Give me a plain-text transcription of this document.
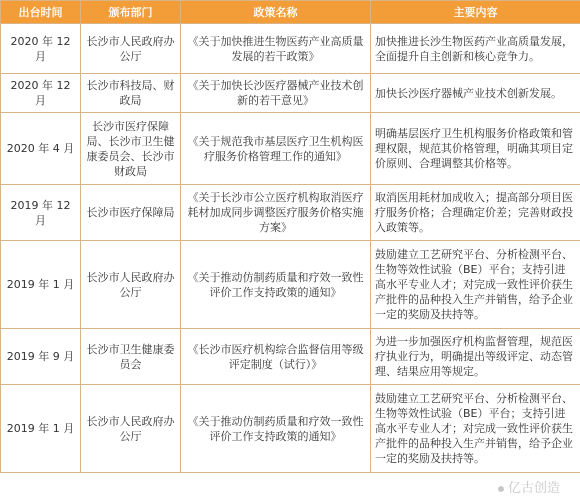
出台时间	颁布部门	政策名称	主要内容
2020 年 12 月	长沙市人民政府办公厅	《关于加快推进生物医药产业高质量发展的若干政策》	加快推进长沙生物医药产业高质量发展，全面提升自主创新和核心竞争力。
2020 年 12 月	长沙市科技局、财政局	《关于加快长沙医疗器械产业技术创新的若干意见》	加快长沙医疗器械产业技术创新发展。
2020 年 4 月	长沙市医疗保障局、长沙市卫生健康委员会、长沙市财政局	《关于规范我市基层医疗卫生机构医疗服务价格管理工作的通知》	明确基层医疗卫生机构服务价格政策和管理权限，规范其价格管理，明确其项目定价原则、合理调整其价格等。
2019 年 12 月	长沙市医疗保障局	《关于长沙市公立医疗机构取消医疗耗材加成同步调整医疗服务价格实施方案》	取消医用耗材加成收入；提高部分项目医疗服务价格；合理确定价差；完善财政投入政策等。
2019 年 1 月	长沙市人民政府办公厅	《关于推动仿制药质量和疗效一致性评价工作支持政策的通知》	鼓励建立工艺研究平台、分析检测平台、生物等效性试验（BE）平台；支持引进高水平专业人才；对完成一致性评价获生产批件的品种投入生产并销售，给予企业一定的奖励及扶持等。
2019 年 9 月	长沙市卫生健康委员会	《长沙市医疗机构综合监督信用等级评定制度（试行）》	为进一步加强医疗机构监督管理，规范医疗执业行为，明确提出等级评定、动态管理、结果应用等规定。
2019 年 1 月	长沙市人民政府办公厅	《关于推动仿制药质量和疗效一致性评价工作支持政策的通知》	鼓励建立工艺研究平台、分析检测平台、生物等效性试验（BE）平台；支持引进高水平专业人才；对完成一致性评价获生产批件的品种投入生产并销售，给予企业一定的奖励及扶持等。
亿古创造
